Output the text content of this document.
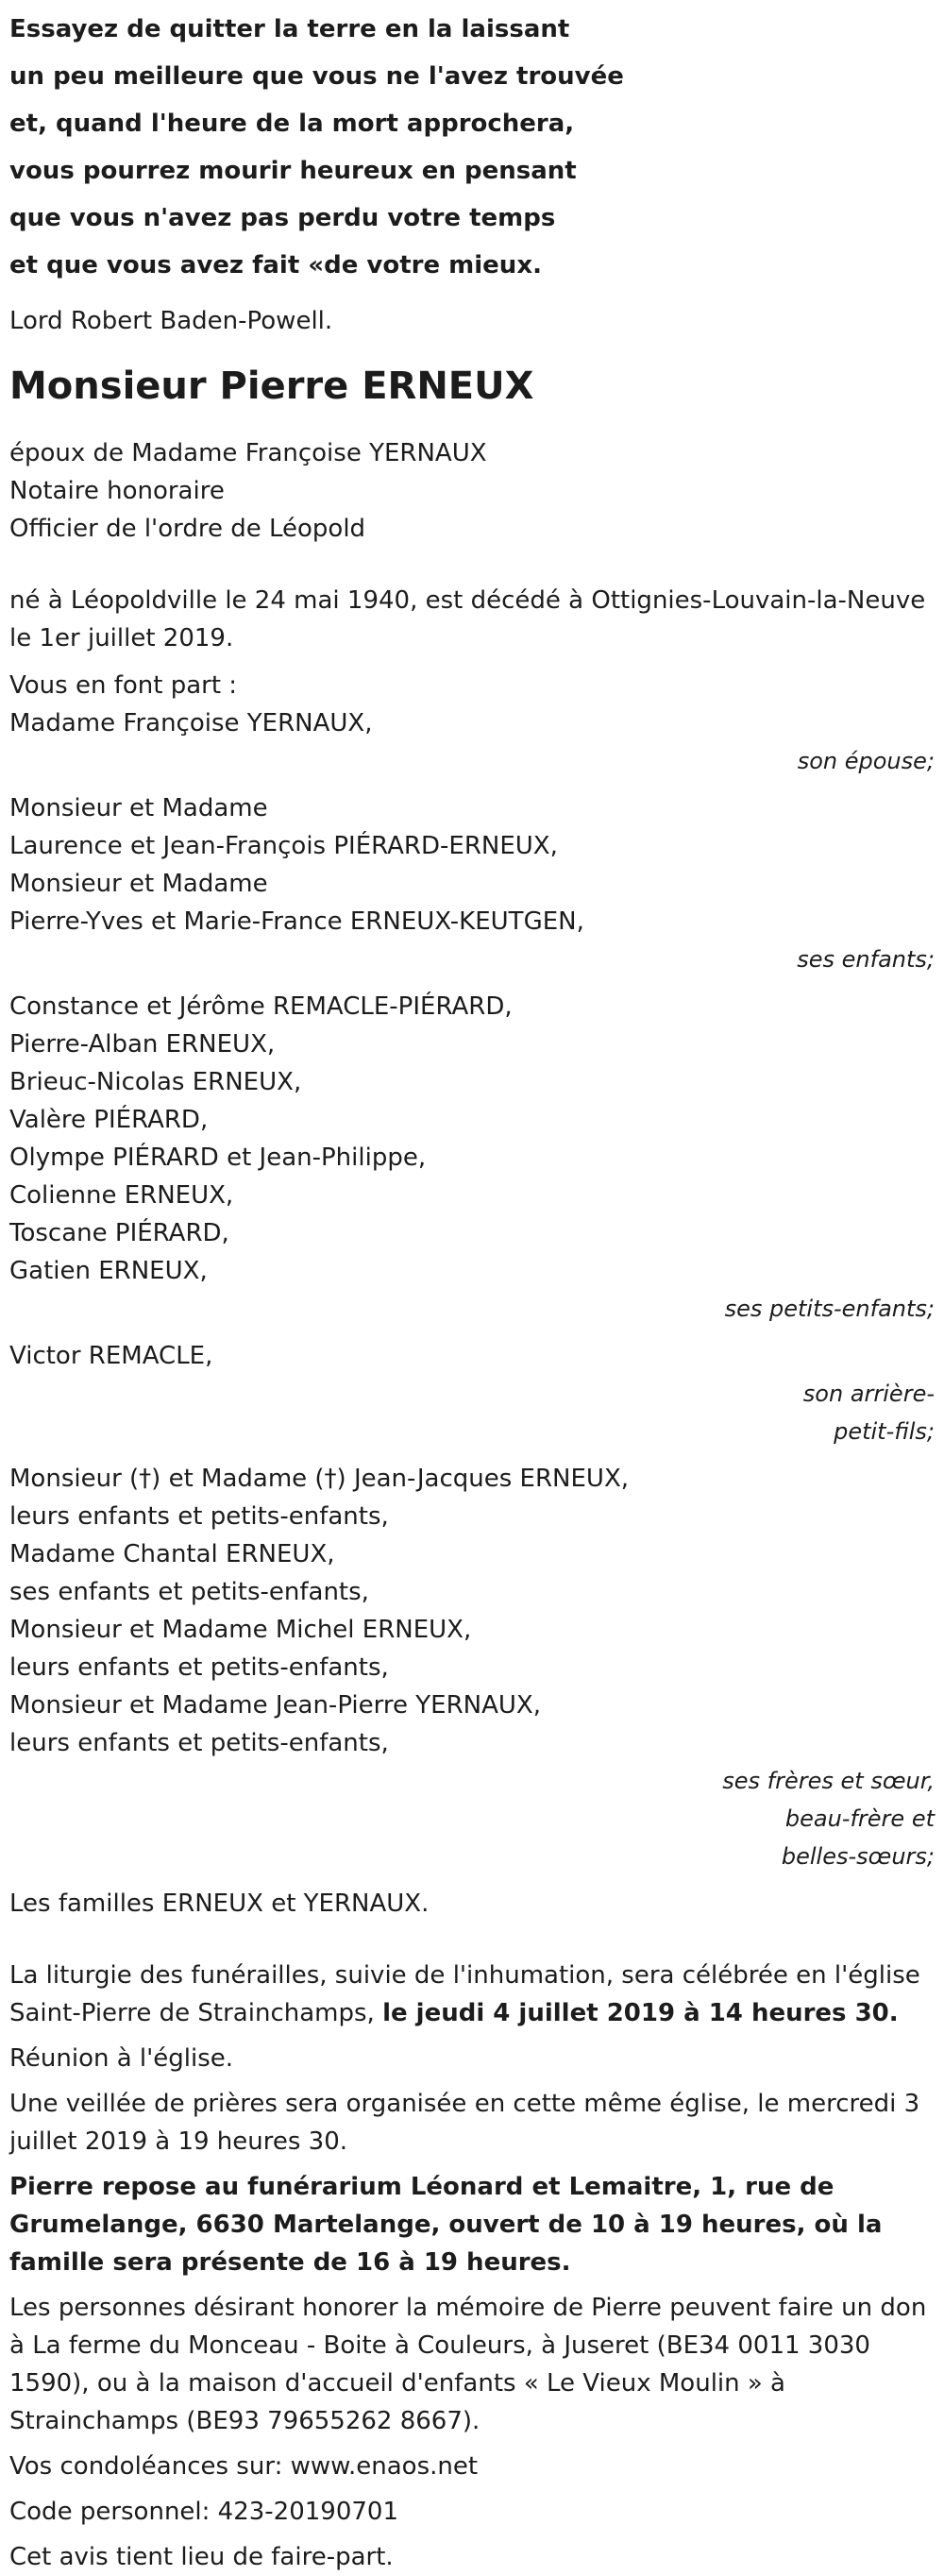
Essayez de quitter la terre en la laissant
un peu meilleure que vous ne l'avez trouvée
et, quand l'heure de la mort approchera,
vous pourrez mourir heureux en pensant
que vous n'avez pas perdu votre temps
et que vous avez fait «de votre mieux.
Lord Robert Baden-Powell.
Monsieur Pierre ERNEUX
époux de Madame Françoise YERNAUX
Notaire honoraire
Officier de l'ordre de Léopold
né à Léopoldville le 24 mai 1940, est décédé à Ottignies-Louvain-la-Neuve le 1er juillet 2019.
Vous en font part :
Madame Françoise YERNAUX,
son épouse;
Monsieur et Madame
Laurence et Jean-François PIÉRARD-ERNEUX,
Monsieur et Madame
Pierre-Yves et Marie-France ERNEUX-KEUTGEN,
ses enfants;
Constance et Jérôme REMACLE-PIÉRARD,
Pierre-Alban ERNEUX,
Brieuc-Nicolas ERNEUX,
Valère PIÉRARD,
Olympe PIÉRARD et Jean-Philippe,
Colienne ERNEUX,
Toscane PIÉRARD,
Gatien ERNEUX,
ses petits-enfants;
Victor REMACLE,
son arrière-
petit-fils;
Monsieur (†) et Madame (†) Jean-Jacques ERNEUX,
leurs enfants et petits-enfants,
Madame Chantal ERNEUX,
ses enfants et petits-enfants,
Monsieur et Madame Michel ERNEUX,
leurs enfants et petits-enfants,
Monsieur et Madame Jean-Pierre YERNAUX,
leurs enfants et petits-enfants,
ses frères et sœur,
beau-frère et
belles-sœurs;
Les familles ERNEUX et YERNAUX.
La liturgie des funérailles, suivie de l'inhumation, sera célébrée en l'église Saint-Pierre de Strainchamps, le jeudi 4 juillet 2019 à 14 heures 30.
Réunion à l'église.
Une veillée de prières sera organisée en cette même église, le mercredi 3 juillet 2019 à 19 heures 30.
Pierre repose au funérarium Léonard et Lemaitre, 1, rue de Grumelange, 6630 Martelange, ouvert de 10 à 19 heures, où la famille sera présente de 16 à 19 heures.
Les personnes désirant honorer la mémoire de Pierre peuvent faire un don à La ferme du Monceau - Boite à Couleurs, à Juseret (BE34 0011 3030 1590), ou à la maison d'accueil d'enfants « Le Vieux Moulin » à Strainchamps (BE93 79655262 8667).
Vos condoléances sur: www.enaos.net
Code personnel: 423-20190701
Cet avis tient lieu de faire-part.
